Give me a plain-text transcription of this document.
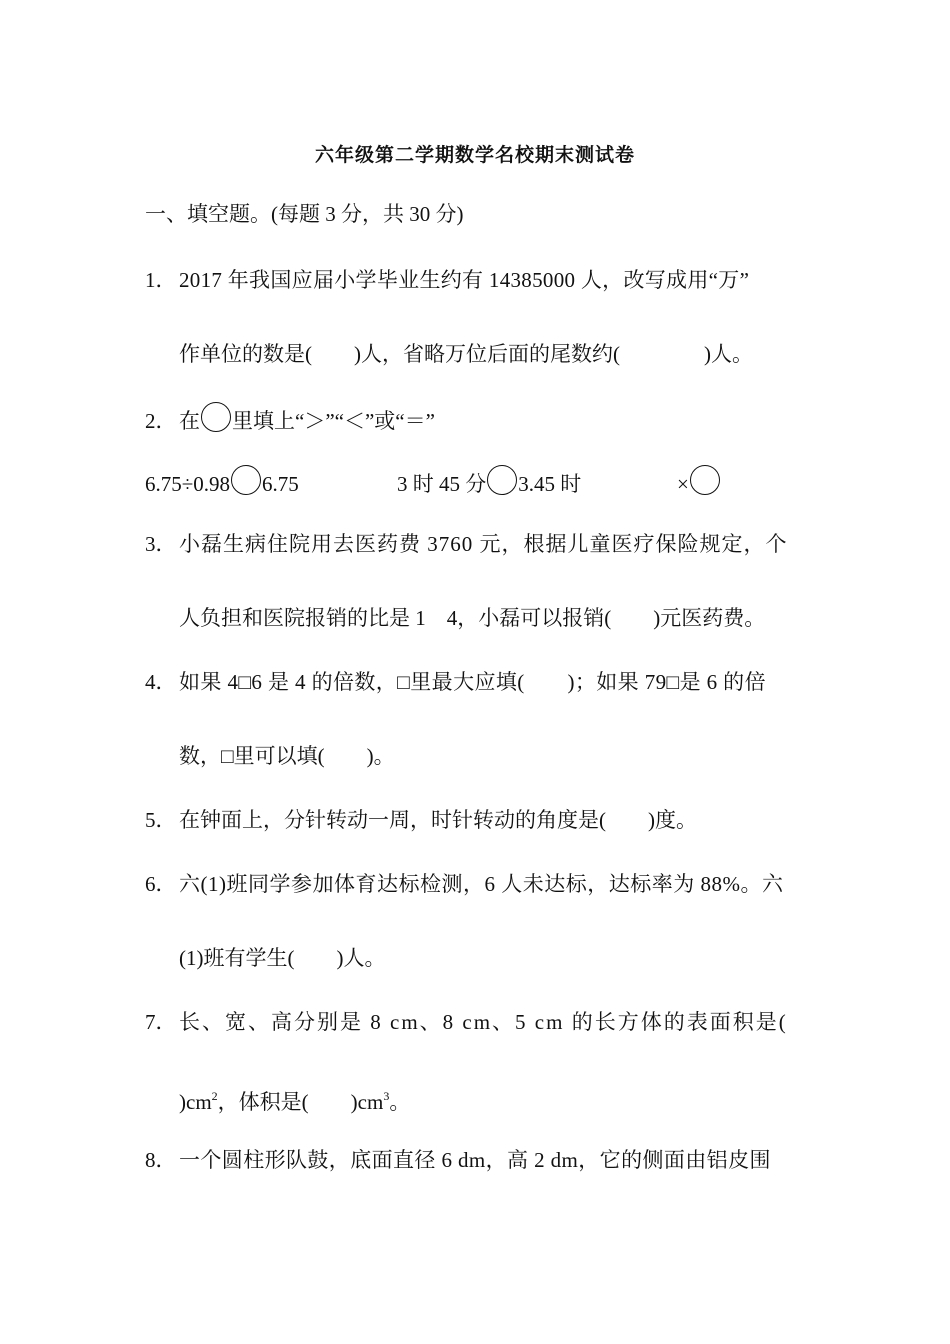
六年级第二学期数学名校期末测试卷
一、填空题。(每题 3 分，共 30 分)
1． 2017 年我国应届小学毕业生约有 14385000 人，改写成用“万”
作单位的数是(　　)人，省略万位后面的尾数约(　　　　)人。
2． 在 里填上“＞”“＜”或“＝”
6.75÷0.98 6.75	3 时 45 分 3.45 时	×
3． 小磊生病住院用去医药费 3760 元，根据儿童医疗保险规定，个
人负担和医院报销的比是 1　4，小磊可以报销(　　)元医药费。
4． 如果 4□6 是 4 的倍数，□里最大应填(　　)；如果 79□是 6 的倍
数，□里可以填(　　)。
5． 在钟面上，分针转动一周，时针转动的角度是(　　)度。
6． 六(1)班同学参加体育达标检测，6 人未达标，达标率为 88%。六
(1)班有学生(　　)人。
7． 长、宽、高分别是 8 cm、8 cm、5 cm 的长方体的表面积是(
)$cm^2$，体积是(　　)$cm^3$。
8． 一个圆柱形队鼓，底面直径 6 dm，高 2 dm，它的侧面由铝皮围
